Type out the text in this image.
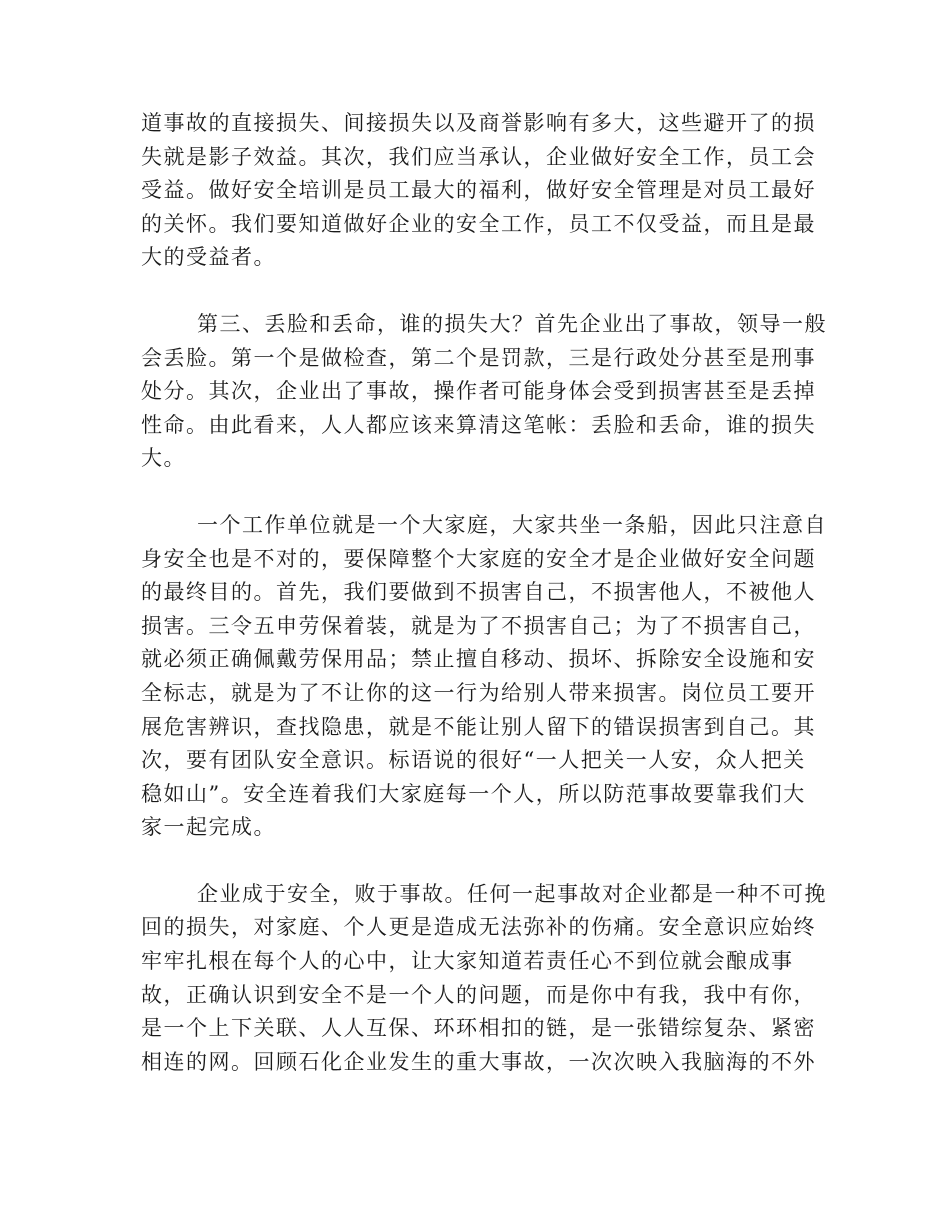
道事故的直接损失、间接损失以及商誉影响有多大，这些避开了的损
失就是影子效益。其次，我们应当承认，企业做好安全工作，员工会
受益。做好安全培训是员工最大的福利，做好安全管理是对员工最好
的关怀。我们要知道做好企业的安全工作，员工不仅受益，而且是最
大的受益者。
第三、丢脸和丢命，谁的损失大？首先企业出了事故，领导一般
会丢脸。第一个是做检查，第二个是罚款，三是行政处分甚至是刑事
处分。其次，企业出了事故，操作者可能身体会受到损害甚至是丢掉
性命。由此看来，人人都应该来算清这笔帐：丢脸和丢命，谁的损失
大。
一个工作单位就是一个大家庭，大家共坐一条船，因此只注意自
身安全也是不对的，要保障整个大家庭的安全才是企业做好安全问题
的最终目的。首先，我们要做到不损害自己，不损害他人，不被他人
损害。三令五申劳保着装，就是为了不损害自己；为了不损害自己，
就必须正确佩戴劳保用品；禁止擅自移动、损坏、拆除安全设施和安
全标志，就是为了不让你的这一行为给别人带来损害。岗位员工要开
展危害辨识，查找隐患，就是不能让别人留下的错误损害到自己。其
次，要有团队安全意识。标语说的很好“一人把关一人安，众人把关
稳如山”。安全连着我们大家庭每一个人，所以防范事故要靠我们大
家一起完成。
企业成于安全，败于事故。任何一起事故对企业都是一种不可挽
回的损失，对家庭、个人更是造成无法弥补的伤痛。安全意识应始终
牢牢扎根在每个人的心中，让大家知道若责任心不到位就会酿成事
故，正确认识到安全不是一个人的问题，而是你中有我，我中有你，
是一个上下关联、人人互保、环环相扣的链，是一张错综复杂、紧密
相连的网。回顾石化企业发生的重大事故，一次次映入我脑海的不外
